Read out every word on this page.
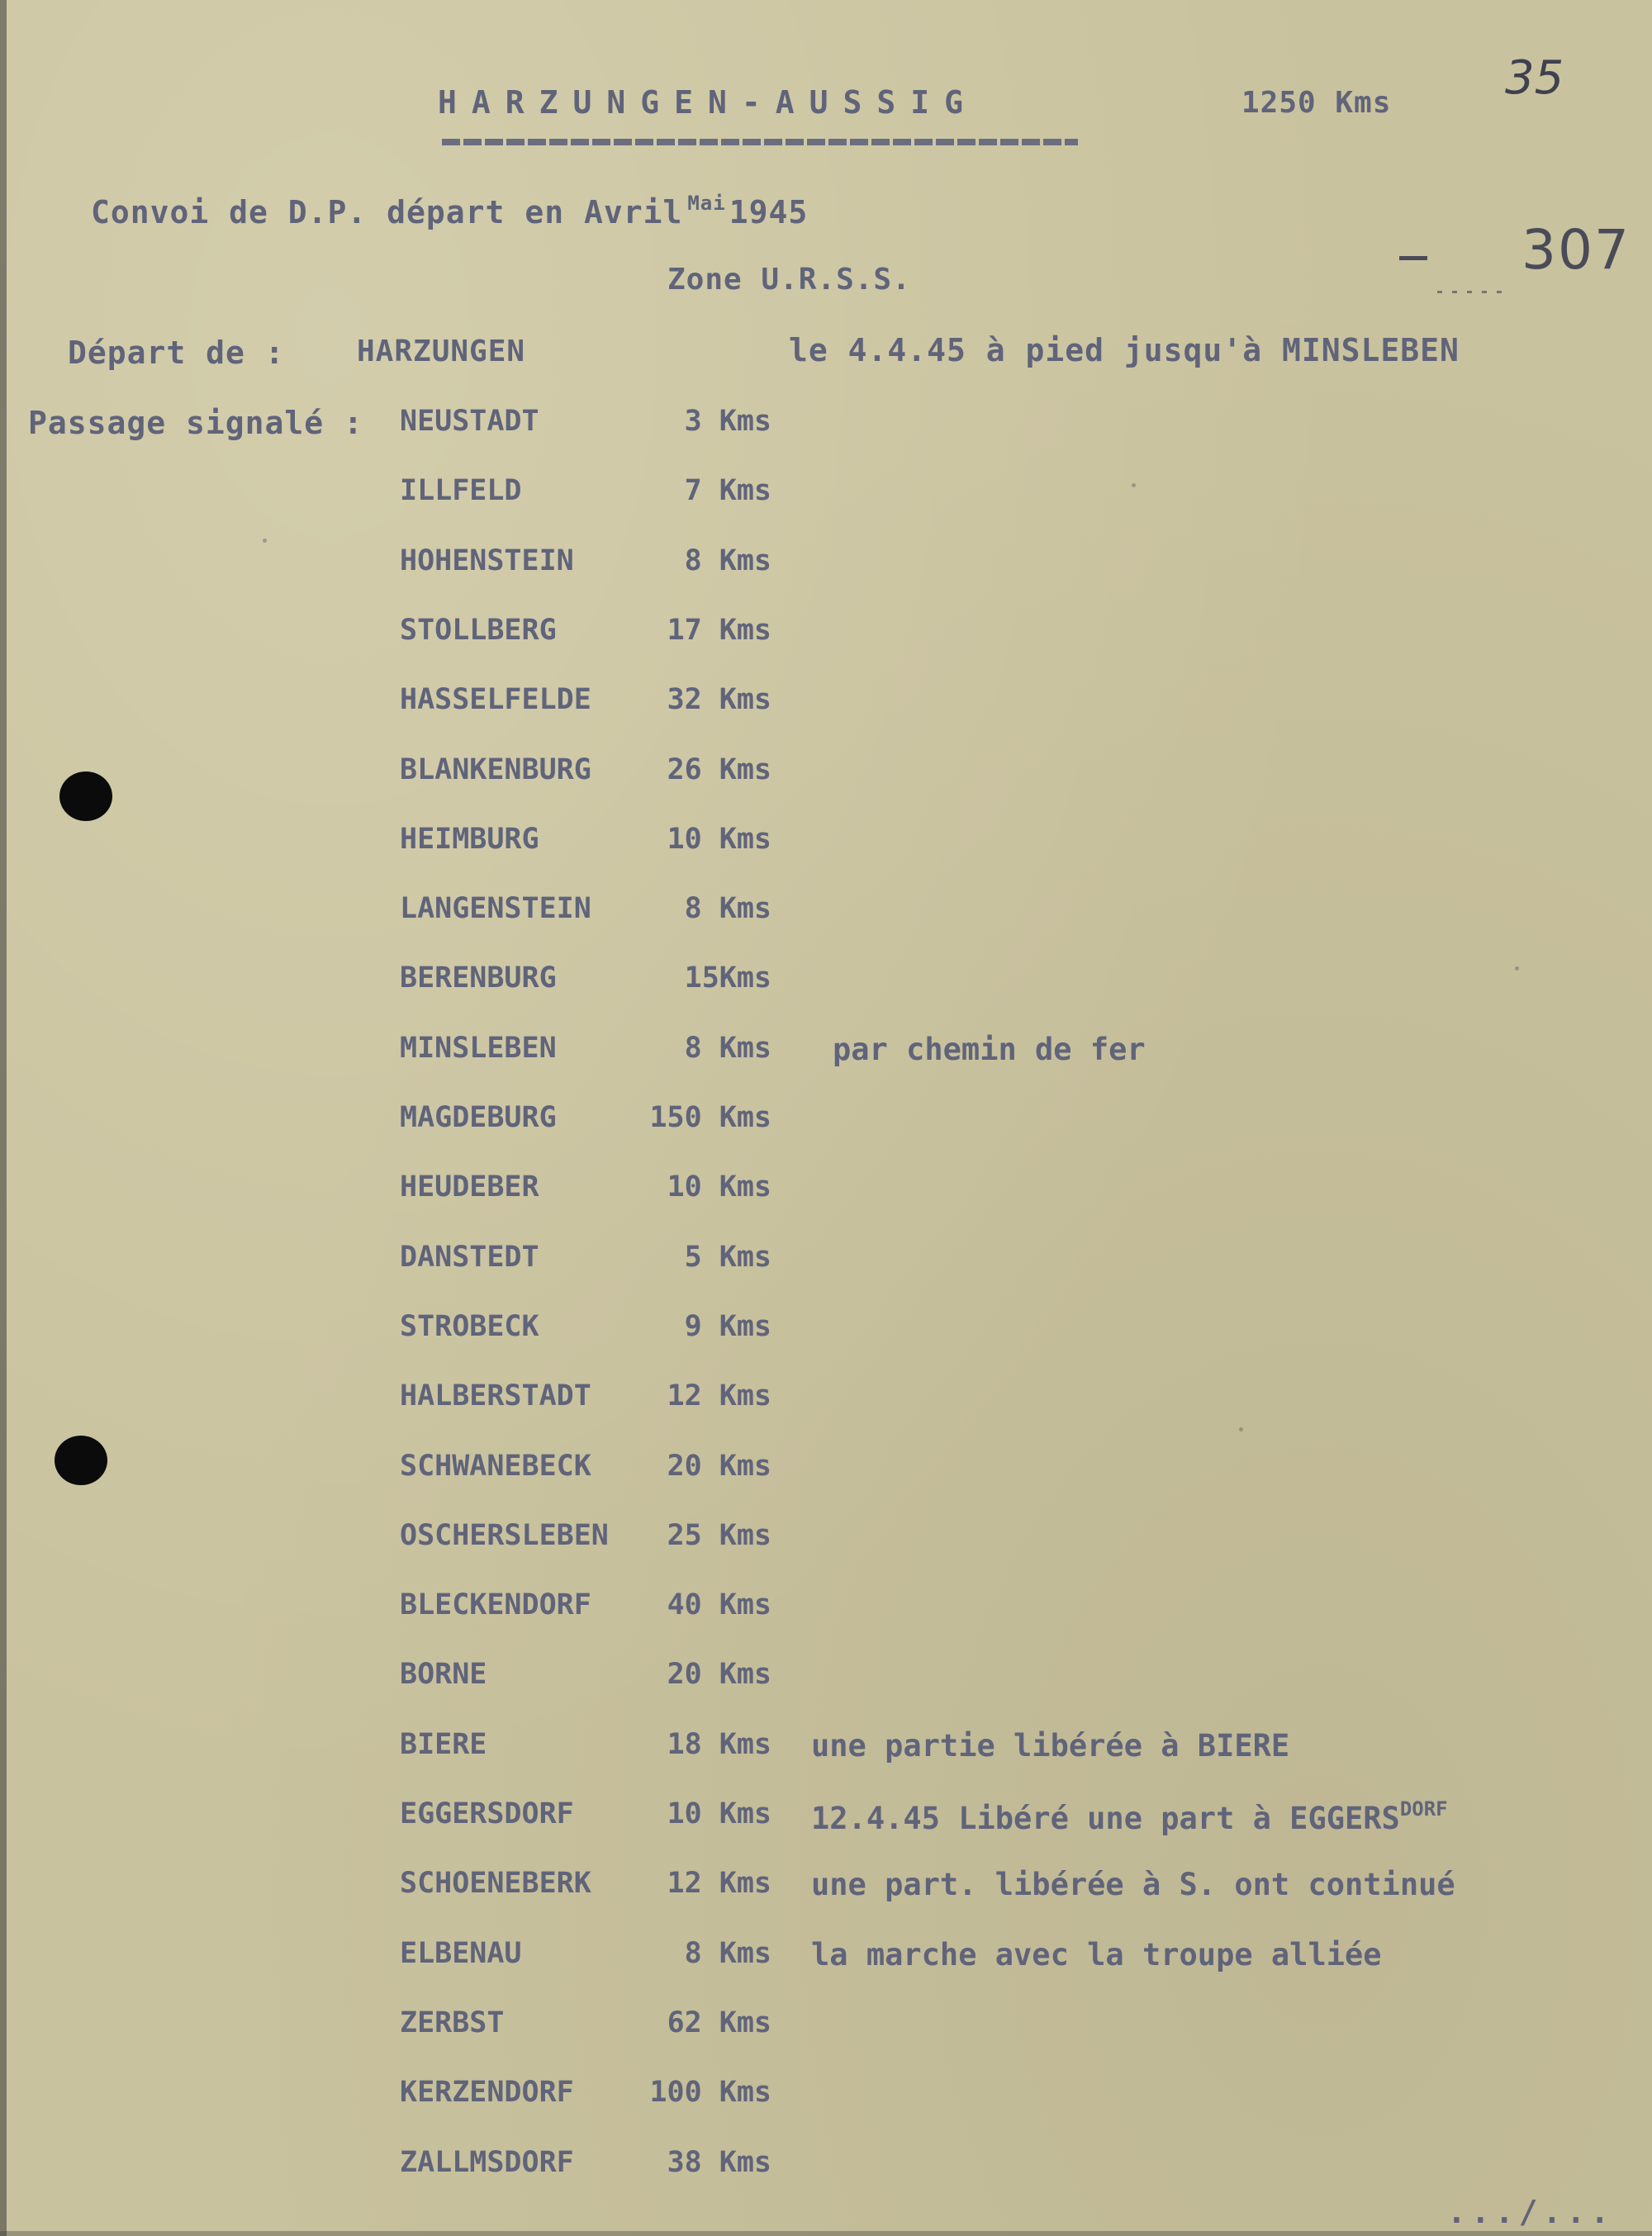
HARZUNGEN-AUSSIG	1250 Kms 35
307
Convoi de D.P. départ en Avril $^{Mai}$ 1945
Zone U.R.S.S.
Départ de : HARZUNGEN	le 4.4.45 à pied jusqu'à MINSLEBEN
Passage signalé : NEUSTADT	3 Kms
ILLFELD	7 Kms
HOHENSTEIN	8 Kms
STOLLBERG	17 Kms
HASSELFELDE	32 Kms
BLANKENBURG	26 Kms
HEIMBURG	10 Kms
LANGENSTEIN	8 Kms
BERENBURG	15Kms
MINSLEBEN	8 Kms par chemin de fer
MAGDEBURG	150 Kms
HEUDEBER	10 Kms
DANSTEDT	5 Kms
STROBECK	9 Kms
HALBERSTADT	12 Kms
SCHWANEBECK	20 Kms
OSCHERSLEBEN 25 Kms
BLECKENDORF	40 Kms
BORNE	20 Kms
BIERE	18 Kms une partie libérée à BIERE
EGGERSDORF	10 Kms 12.4.45 Libéré une part à $EGGERS^{DORF}$
SCHOENEBERK	12 Kms une part. libérée à S. ont continué
ELBENAU	8 Kms la marche avec la troupe alliée
ZERBST	62 Kms
KERZENDORF	100 Kms
ZALLMSDORF	38 Kms
.../...
